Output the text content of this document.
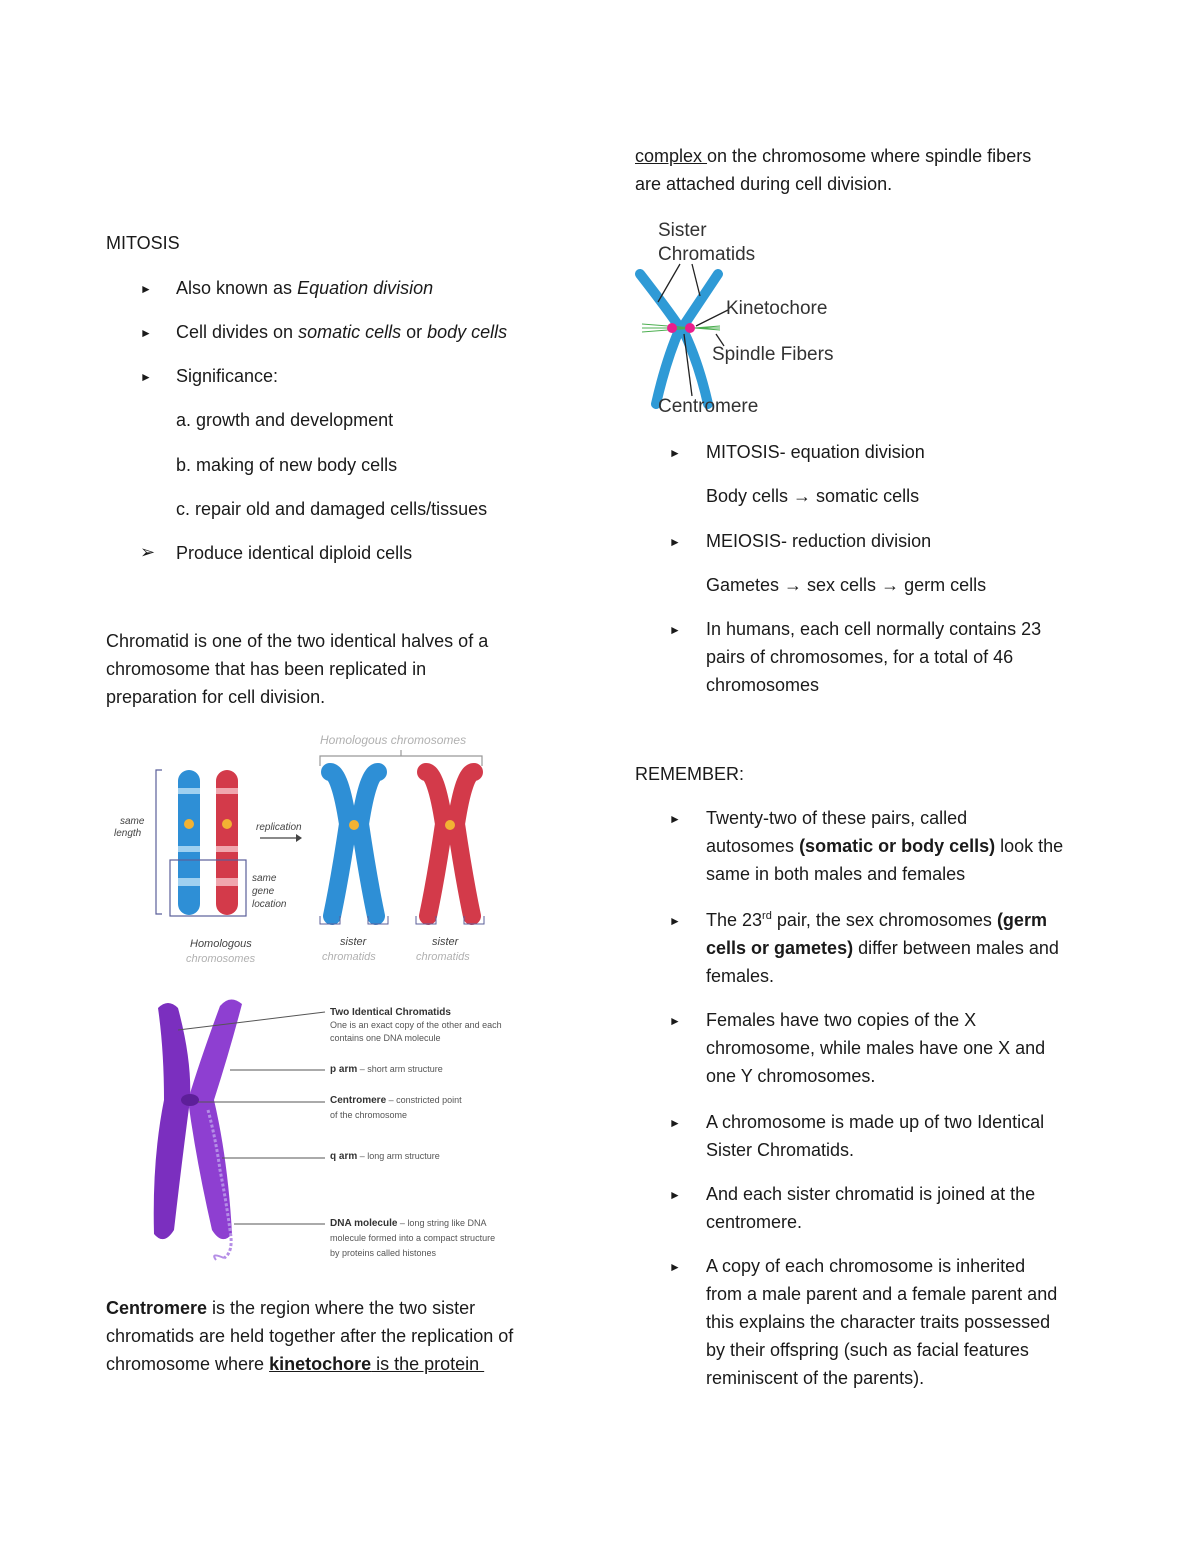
MITOSIS
► Also known as Equation division
► Cell divides on somatic cells or body cells
► Significance:
a. growth and development
b. making of new body cells
c. repair old and damaged cells/tissues
➢ Produce identical diploid cells
Chromatid is one of the two identical halves of a
chromosome that has been replicated in
preparation for cell division.
Homologous chromosomes
same
length
same
gene
location
replication
Homologous
chromosomes
sister
chromatids
sister
chromatids
Two Identical Chromatids
One is an exact copy of the other and each
contains one DNA molecule
p arm – short arm structure
Centromere – constricted point
of the chromosome
q arm – long arm structure
DNA molecule – long string like DNA
molecule formed into a compact structure
by proteins called histones
Centromere is the region where the two sister
chromatids are held together after the replication of
chromosome where kinetochore is the protein
complex on the chromosome where spindle fibers
are attached during cell division.
Sister
Chromatids
Kinetochore
Spindle Fibers
Centromere
► MITOSIS- equation division
Body cells → somatic cells
► MEIOSIS- reduction division
Gametes → sex cells → germ cells
► In humans, each cell normally contains 23
pairs of chromosomes, for a total of 46
chromosomes
REMEMBER:
► Twenty-two of these pairs, called
autosomes (somatic or body cells) look the
same in both males and females
► The 23rd pair, the sex chromosomes (germ
cells or gametes) differ between males and
females.
► Females have two copies of the X
chromosome, while males have one X and
one Y chromosomes.
► A chromosome is made up of two Identical
Sister Chromatids.
► And each sister chromatid is joined at the
centromere.
► A copy of each chromosome is inherited
from a male parent and a female parent and
this explains the character traits possessed
by their offspring (such as facial features
reminiscent of the parents).
